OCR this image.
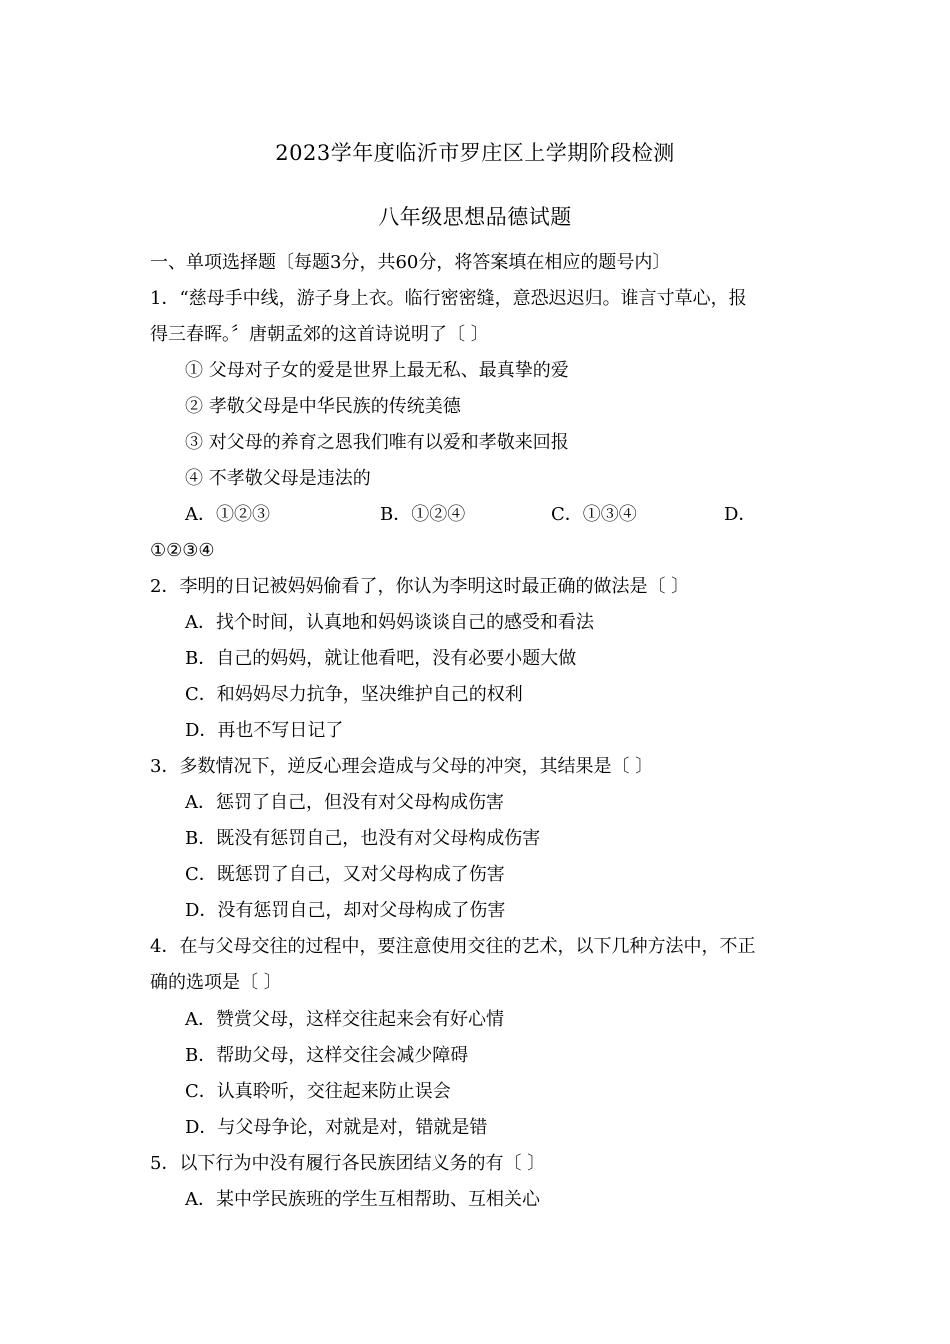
2023学年度临沂市罗庄区上学期阶段检测
八年级思想品德试题
一、单项选择题〔每题3分，共60分，将答案填在相应的题号内〕
1．“慈母手中线，游子身上衣。临行密密缝，意恐迟迟归。谁言寸草心，报
得三春晖。〞唐朝孟郊的这首诗说明了〔 〕
① 父母对子女的爱是世界上最无私、最真挚的爱
② 孝敬父母是中华民族的传统美德
③ 对父母的养育之恩我们唯有以爱和孝敬来回报
④ 不孝敬父母是违法的
A．①②③	B．①②④	C．①③④	D．
①②③④
2．李明的日记被妈妈偷看了，你认为李明这时最正确的做法是〔 〕
A．找个时间，认真地和妈妈谈谈自己的感受和看法
B．自己的妈妈，就让他看吧，没有必要小题大做
C．和妈妈尽力抗争，坚决维护自己的权利
D．再也不写日记了
3．多数情况下，逆反心理会造成与父母的冲突，其结果是〔 〕
A．惩罚了自己，但没有对父母构成伤害
B．既没有惩罚自己，也没有对父母构成伤害
C．既惩罚了自己，又对父母构成了伤害
D．没有惩罚自己，却对父母构成了伤害
4．在与父母交往的过程中，要注意使用交往的艺术，以下几种方法中，不正
确的选项是〔 〕
A．赞赏父母，这样交往起来会有好心情
B．帮助父母，这样交往会减少障碍
C．认真聆听，交往起来防止误会
D．与父母争论，对就是对，错就是错
5．以下行为中没有履行各民族团结义务的有〔 〕
A．某中学民族班的学生互相帮助、互相关心
